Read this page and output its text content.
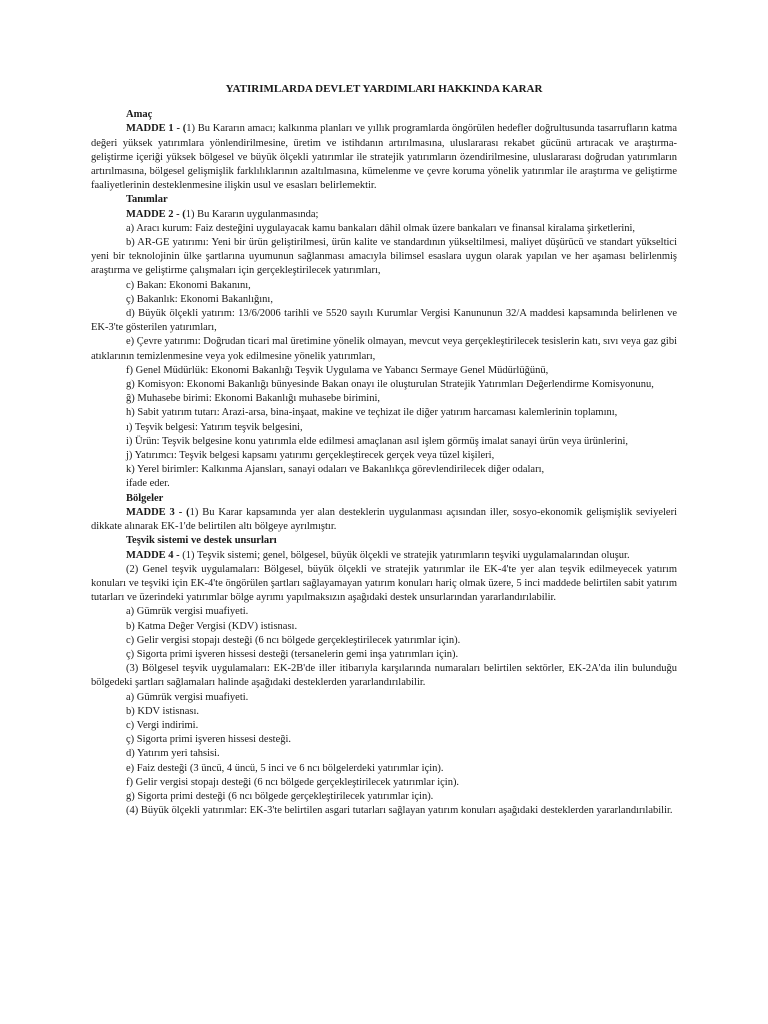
YATIRIMLARDA DEVLET YARDIMLARI HAKKINDA KARAR

Amaç

MADDE 1 - (1) Bu Kararın amacı; kalkınma planları ve yıllık programlarda öngörülen hedefler doğrultusunda tasarrufların katma değeri yüksek yatırımlara yönlendirilmesine, üretim ve istihdanın artırılmasına, uluslararası rekabet gücünü artıracak ve araştırma- geliştirme içeriği yüksek bölgesel ve büyük ölçekli yatırımlar ile stratejik yatırımların özendirilmesine, uluslararası doğrudan yatırımların artırılmasına, bölgesel gelişmişlik farklılıklarının azaltılmasına, kümelenme ve çevre koruma yönelik yatırımlar ile araştırma ve geliştirme faaliyetlerinin desteklenmesine ilişkin usul ve esasları belirlemektir.

Tanımlar

MADDE 2 - (1) Bu Kararın uygulanmasında;

a) Aracı kurum: Faiz desteğini uygulayacak kamu bankaları dâhil olmak üzere bankaları ve finansal kiralama şirketlerini,

b) AR-GE yatırımı: Yeni bir ürün geliştirilmesi, ürün kalite ve standardının yükseltilmesi, maliyet düşürücü ve standart yükseltici yeni bir teknolojinin ülke şartlarına uyumunun sağlanması amacıyla bilimsel esaslara uygun olarak yapılan ve her aşaması belirlenmiş araştırma ve geliştirme çalışmaları için gerçekleştirilecek yatırımları,

c) Bakan: Ekonomi Bakanını,

ç) Bakanlık: Ekonomi Bakanlığını,

d) Büyük ölçekli yatırım: 13/6/2006 tarihli ve 5520 sayılı Kurumlar Vergisi Kanununun 32/A maddesi kapsamında belirlenen ve EK-3'te gösterilen yatırımları,

e) Çevre yatırımı: Doğrudan ticari mal üretimine yönelik olmayan, mevcut veya gerçekleştirilecek tesislerin katı, sıvı veya gaz gibi atıklarının temizlenmesine veya yok edilmesine yönelik yatırımları,

f) Genel Müdürlük: Ekonomi Bakanlığı Teşvik Uygulama ve Yabancı Sermaye Genel Müdürlüğünü,

g) Komisyon: Ekonomi Bakanlığı bünyesinde Bakan onayı ile oluşturulan Stratejik Yatırımları Değerlendirme Komisyonunu,

ğ) Muhasebe birimi: Ekonomi Bakanlığı muhasebe birimini,

h) Sabit yatırım tutarı: Arazi-arsa, bina-inşaat, makine ve teçhizat ile diğer yatırım harcaması kalemlerinin toplamını,

ı) Teşvik belgesi: Yatırım teşvik belgesini,

i) Ürün: Teşvik belgesine konu yatırımla elde edilmesi amaçlanan asıl işlem görmüş imalat sanayi ürün veya ürünlerini,

j) Yatırımcı: Teşvik belgesi kapsamı yatırımı gerçekleştirecek gerçek veya tüzel kişileri,

k) Yerel birimler: Kalkınma Ajansları, sanayi odaları ve Bakanlıkça görevlendirilecek diğer odaları,

ifade eder.

Bölgeler

MADDE 3 - (1) Bu Karar kapsamında yer alan desteklerin uygulanması açısından iller, sosyo-ekonomik gelişmişlik seviyeleri dikkate alınarak EK-1'de belirtilen altı bölgeye ayrılmıştır.

Teşvik sistemi ve destek unsurları

MADDE 4 - (1) Teşvik sistemi; genel, bölgesel, büyük ölçekli ve stratejik yatırımların teşviki uygulamalarından oluşur.

(2) Genel teşvik uygulamaları: Bölgesel, büyük ölçekli ve stratejik yatırımlar ile EK-4'te yer alan teşvik edilmeyecek yatırım konuları ve teşviki için EK-4'te öngörülen şartları sağlayamayan yatırım konuları hariç olmak üzere, 5 inci maddede belirtilen sabit yatırım tutarları ve üzerindeki yatırımlar bölge ayrımı yapılmaksızın aşağıdaki destek unsurlarından yararlandırılabilir.

a) Gümrük vergisi muafiyeti.

b) Katma Değer Vergisi (KDV) istisnası.

c) Gelir vergisi stopajı desteği (6 ncı bölgede gerçekleştirilecek yatırımlar için).

ç) Sigorta primi işveren hissesi desteği (tersanelerin gemi inşa yatırımları için).

(3) Bölgesel teşvik uygulamaları: EK-2B'de iller itibarıyla karşılarında numaraları belirtilen sektörler, EK-2A'da ilin bulunduğu bölgedeki şartları sağlamaları halinde aşağıdaki desteklerden yararlandırılabilir.

a) Gümrük vergisi muafiyeti.

b) KDV istisnası.

c) Vergi indirimi.

ç) Sigorta primi işveren hissesi desteği.

d) Yatırım yeri tahsisi.

e) Faiz desteği (3 üncü, 4 üncü, 5 inci ve 6 ncı bölgelerdeki yatırımlar için).

f) Gelir vergisi stopajı desteği (6 ncı bölgede gerçekleştirilecek yatırımlar için).

g) Sigorta primi desteği (6 ncı bölgede gerçekleştirilecek yatırımlar için).

(4) Büyük ölçekli yatırımlar: EK-3'te belirtilen asgari tutarları sağlayan yatırım konuları aşağıdaki desteklerden yararlandırılabilir.
